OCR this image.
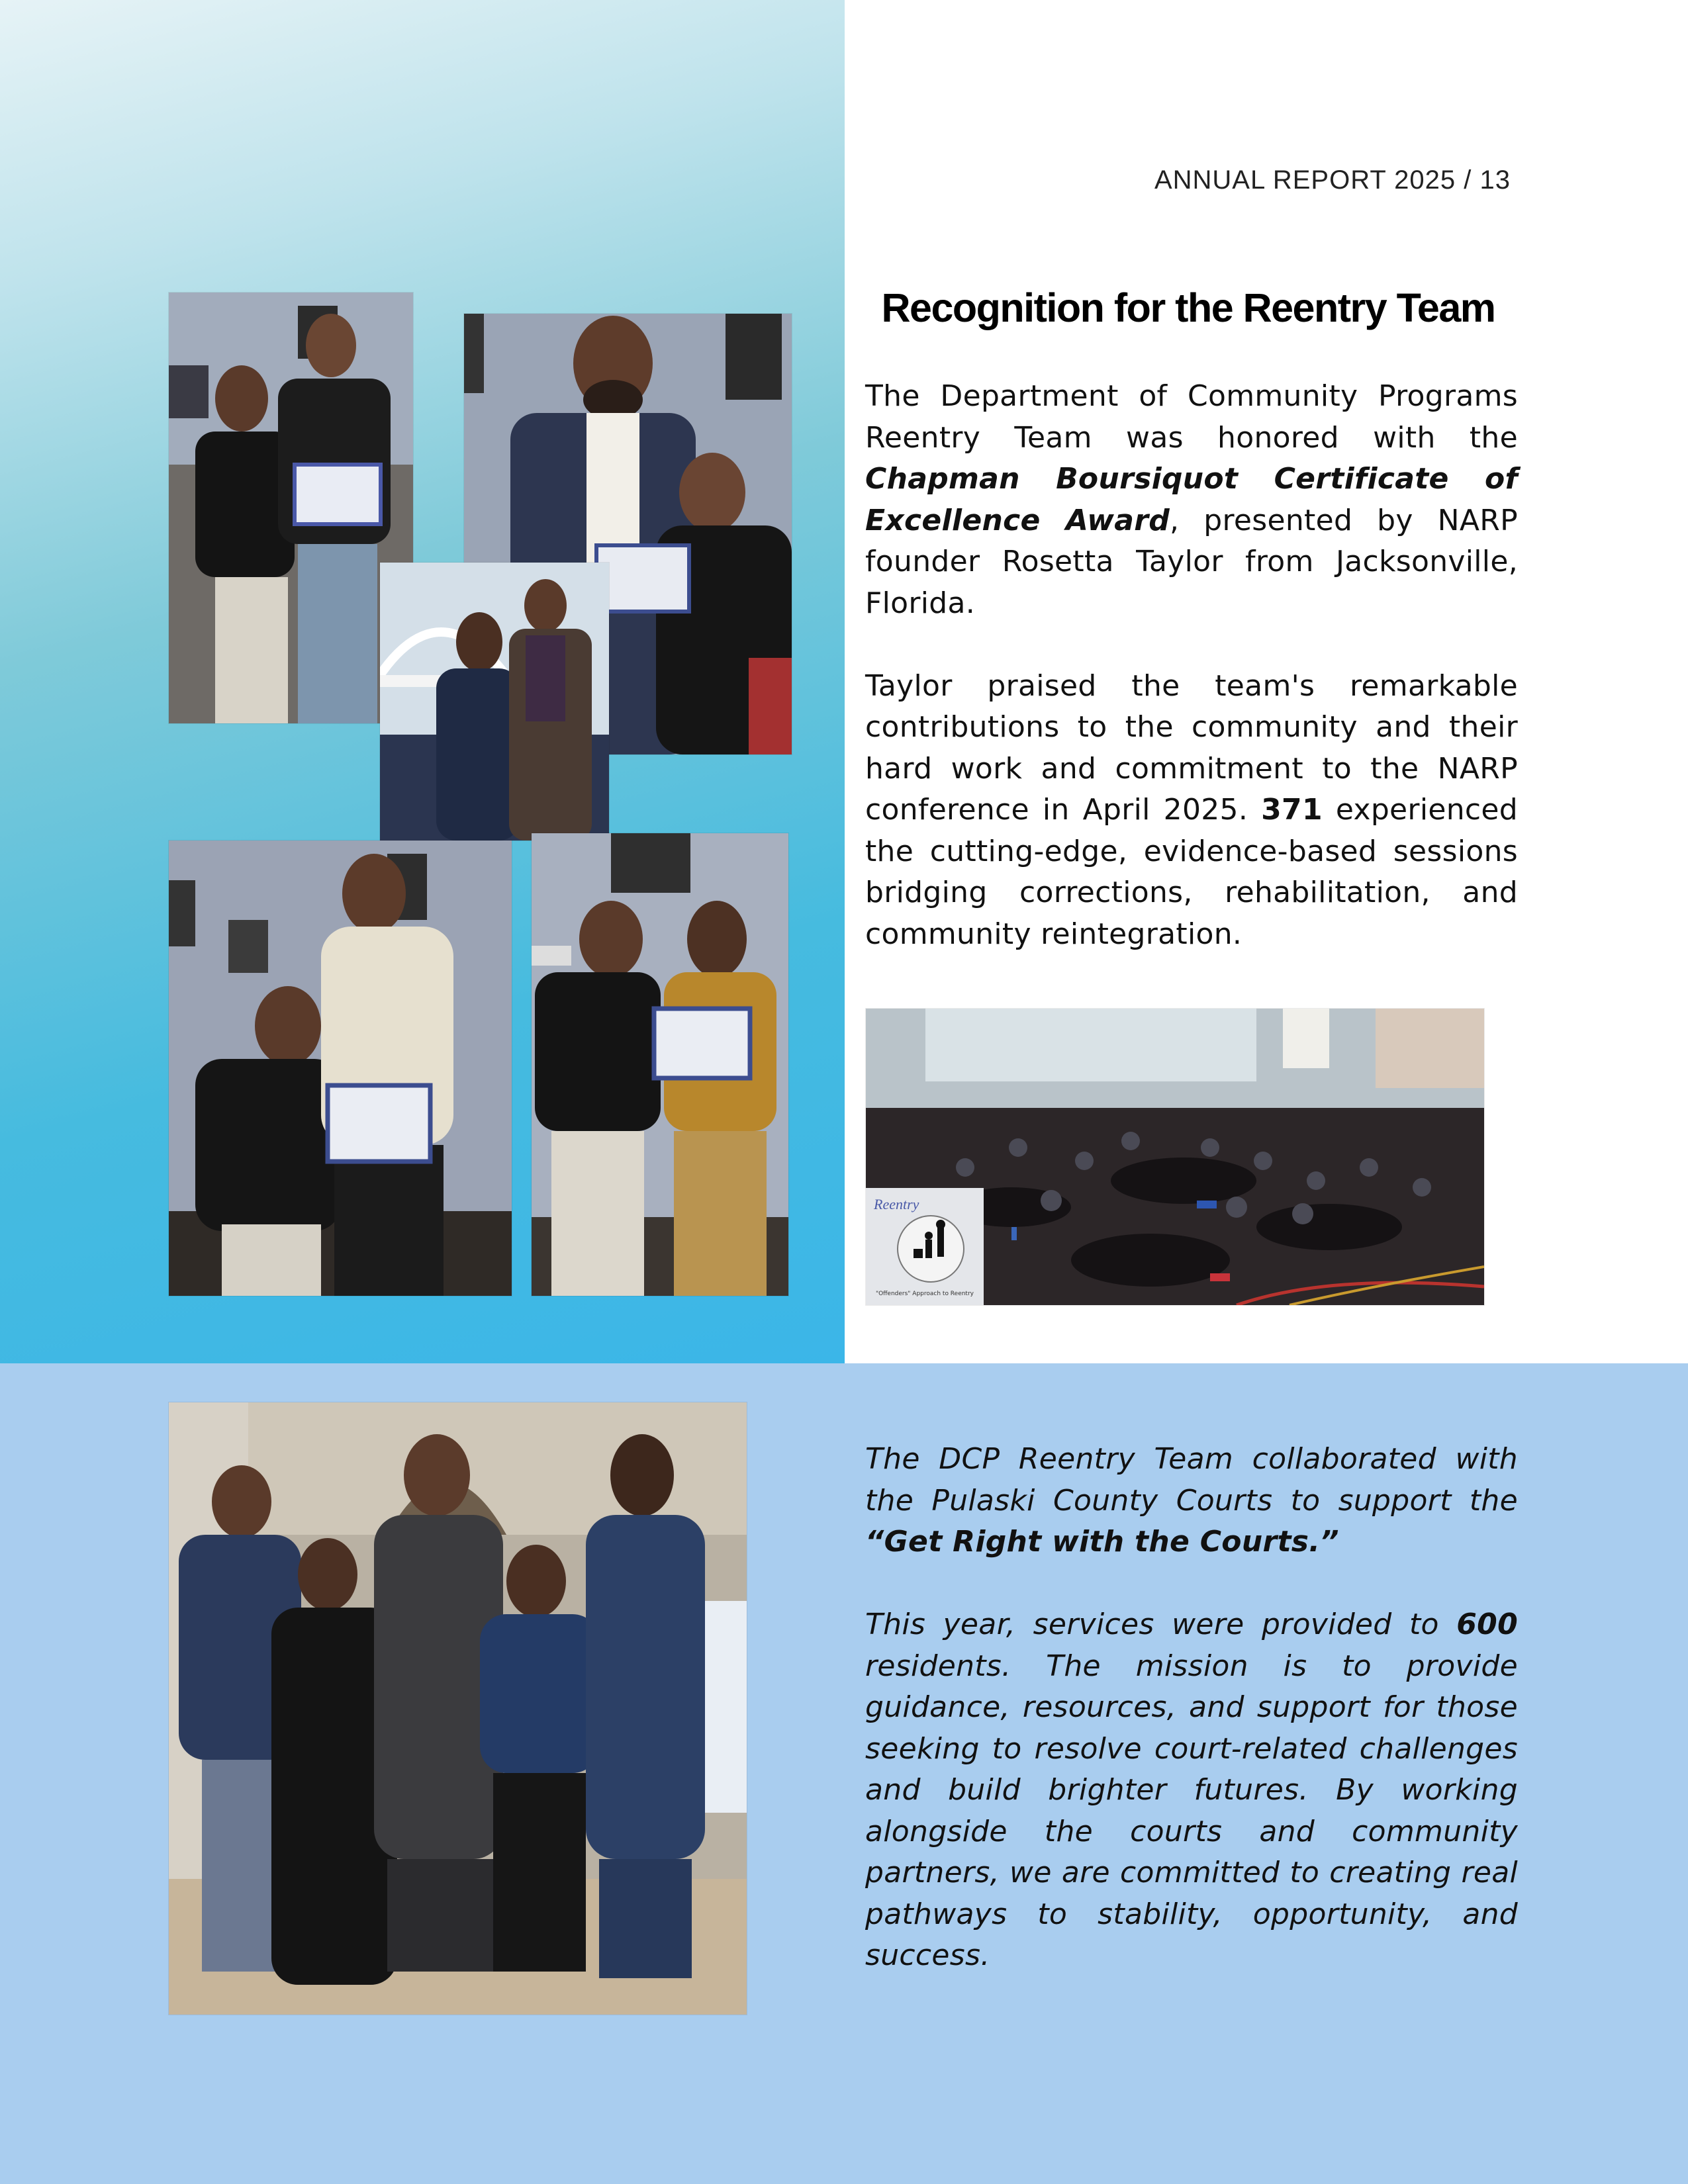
ANNUAL REPORT 2025 / 13
Recognition for the Reentry Team

The Department of Community Programs Reentry Team was honored with the Chapman Boursiquot Certificate of Excellence Award, presented by NARP founder Rosetta Taylor from Jacksonville, Florida.

Taylor praised the team's remarkable contributions to the community and their hard work and commitment to the NARP conference in April 2025. 371 experienced the cutting-edge, evidence-based sessions bridging corrections, rehabilitation, and community reintegration.

Reentry
"Offenders" Approach to Reentry

The DCP Reentry Team collaborated with the Pulaski County Courts to support the “Get Right with the Courts.”

This year, services were provided to 600 residents. The mission is to provide guidance, resources, and support for those seeking to resolve court-related challenges and build brighter futures. By working alongside the courts and community partners, we are committed to creating real pathways to stability, opportunity, and success.
